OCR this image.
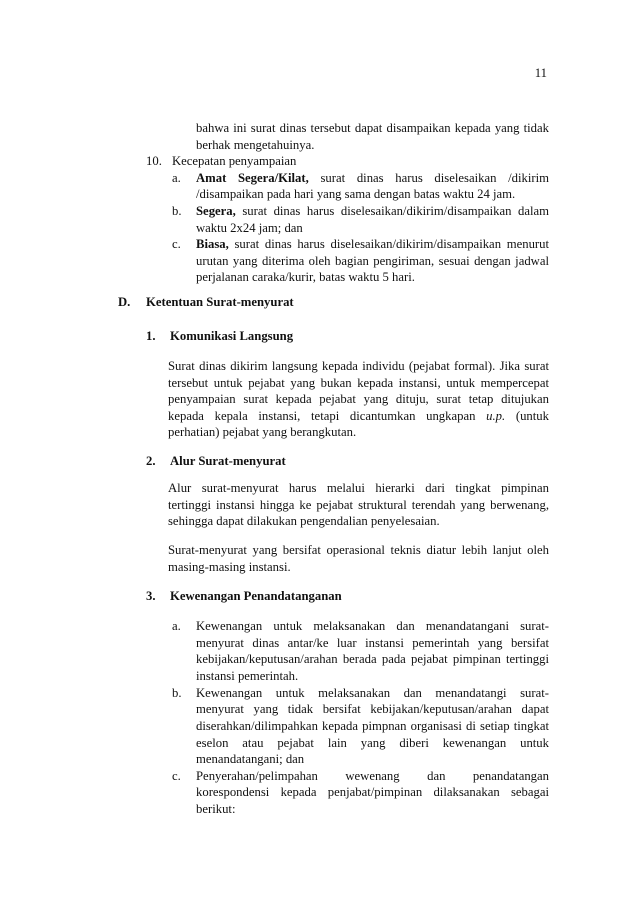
11
bahwa ini surat dinas tersebut dapat disampaikan kepada yang tidak
berhak mengetahuinya.
10. Kecepatan penyampaian
a. Amat Segera/Kilat, surat dinas harus diselesaikan /dikirim
/disampaikan pada hari yang sama dengan batas waktu 24 jam.
b. Segera, surat dinas harus diselesaikan/dikirim/disampaikan dalam
waktu 2x24 jam; dan
c. Biasa, surat dinas harus diselesaikan/dikirim/disampaikan menurut
urutan yang diterima oleh bagian pengiriman, sesuai dengan jadwal
perjalanan caraka/kurir, batas waktu 5 hari.
D. Ketentuan Surat-menyurat
1. Komunikasi Langsung
Surat dinas dikirim langsung kepada individu (pejabat formal). Jika surat
tersebut untuk pejabat yang bukan kepada instansi, untuk mempercepat
penyampaian surat kepada pejabat yang dituju, surat tetap ditujukan
kepada kepala instansi, tetapi dicantumkan ungkapan u.p. (untuk
perhatian) pejabat yang berangkutan.
2. Alur Surat-menyurat
Alur surat-menyurat harus melalui hierarki dari tingkat pimpinan
tertinggi instansi hingga ke pejabat struktural terendah yang berwenang,
sehingga dapat dilakukan pengendalian penyelesaian.
Surat-menyurat yang bersifat operasional teknis diatur lebih lanjut oleh
masing-masing instansi.
3. Kewenangan Penandatanganan
a. Kewenangan untuk melaksanakan dan menandatangani surat-
menyurat dinas antar/ke luar instansi pemerintah yang bersifat
kebijakan/keputusan/arahan berada pada pejabat pimpinan tertinggi
instansi pemerintah.
b. Kewenangan untuk melaksanakan dan menandatangi surat-
menyurat yang tidak bersifat kebijakan/keputusan/arahan dapat
diserahkan/dilimpahkan kepada pimpnan organisasi di setiap tingkat
eselon atau pejabat lain yang diberi kewenangan untuk
menandatangani; dan
c. Penyerahan/pelimpahan wewenang dan penandatangan
korespondensi kepada penjabat/pimpinan dilaksanakan sebagai
berikut:
